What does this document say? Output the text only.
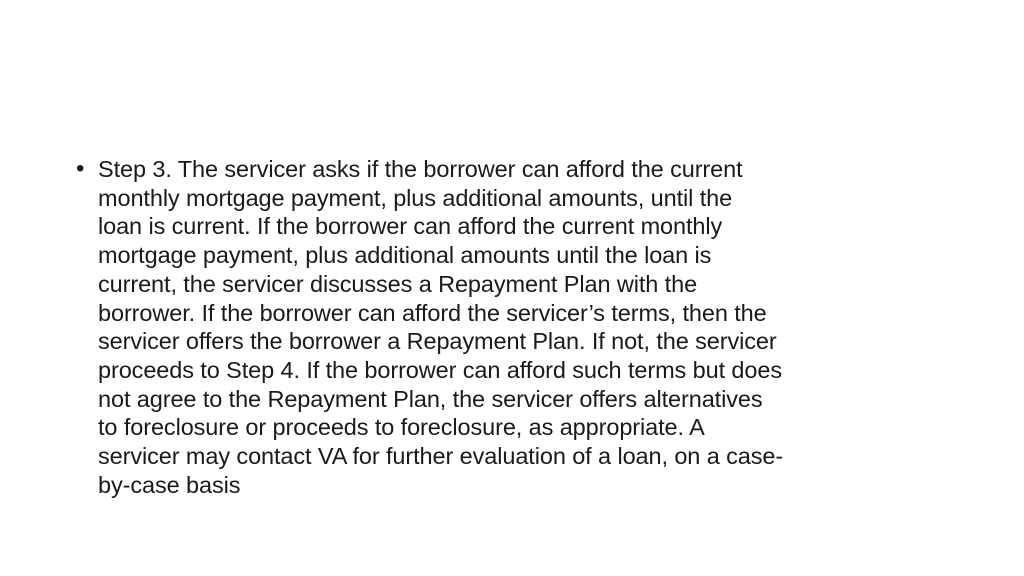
• Step 3. The servicer asks if the borrower can afford the current
monthly mortgage payment, plus additional amounts, until the
loan is current. If the borrower can afford the current monthly
mortgage payment, plus additional amounts until the loan is
current, the servicer discusses a Repayment Plan with the
borrower. If the borrower can afford the servicer’s terms, then the
servicer offers the borrower a Repayment Plan. If not, the servicer
proceeds to Step 4. If the borrower can afford such terms but does
not agree to the Repayment Plan, the servicer offers alternatives
to foreclosure or proceeds to foreclosure, as appropriate. A
servicer may contact VA for further evaluation of a loan, on a case-
by-case basis
